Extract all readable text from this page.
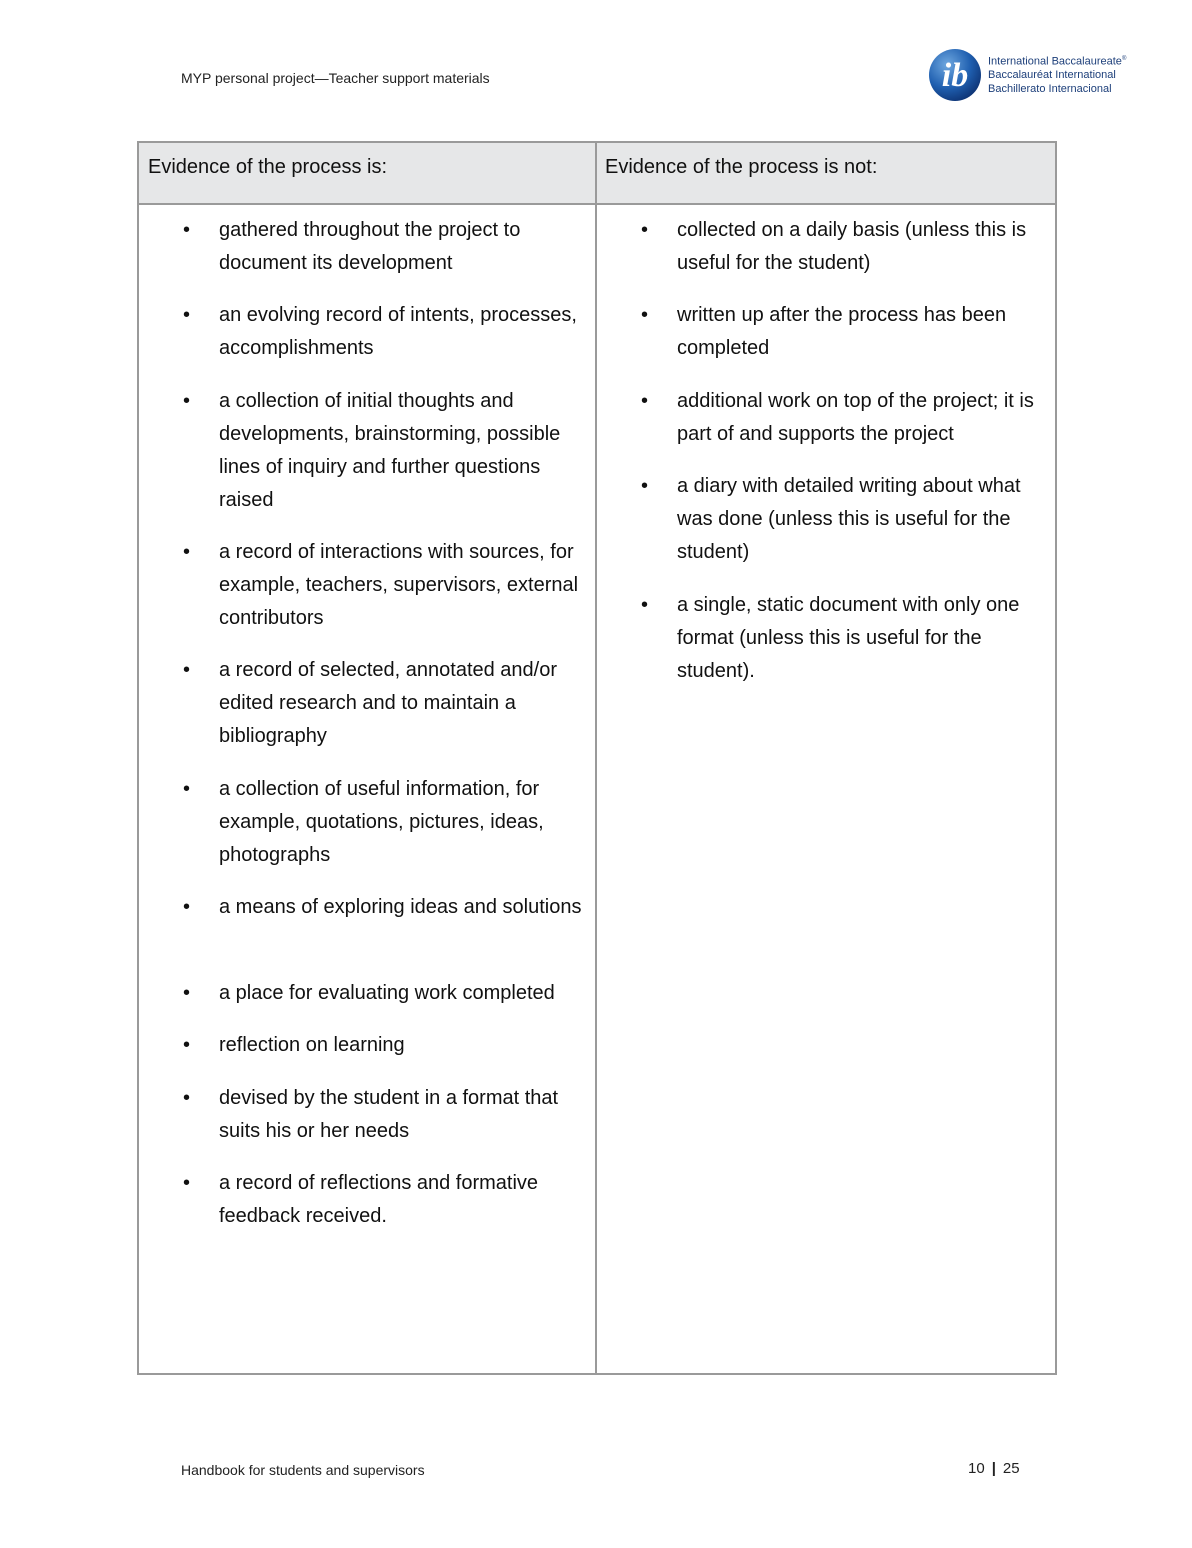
MYP personal project—Teacher support materials	ib International Baccalaureate®
Baccalauréat International
Bachillerato Internacional
Evidence of the process is:
• gathered throughout the project to document its development
• an evolving record of intents, processes, accomplishments
• a collection of initial thoughts and developments, brainstorming, possible lines of inquiry and further questions raised
• a record of interactions with sources, for example, teachers, supervisors, external contributors
• a record of selected, annotated and/or edited research and to maintain a bibliography
• a collection of useful information, for example, quotations, pictures, ideas, photographs
• a means of exploring ideas and solutions
• a place for evaluating work completed
• reflection on learning
• devised by the student in a format that suits his or her needs
• a record of reflections and formative feedback received.
Evidence of the process is not:
• collected on a daily basis (unless this is useful for the student)
• written up after the process has been completed
• additional work on top of the project; it is part of and supports the project
• a diary with detailed writing about what was done (unless this is useful for the student)
• a single, static document with only one format (unless this is useful for the student).
Handbook for students and supervisors	10 | 25
